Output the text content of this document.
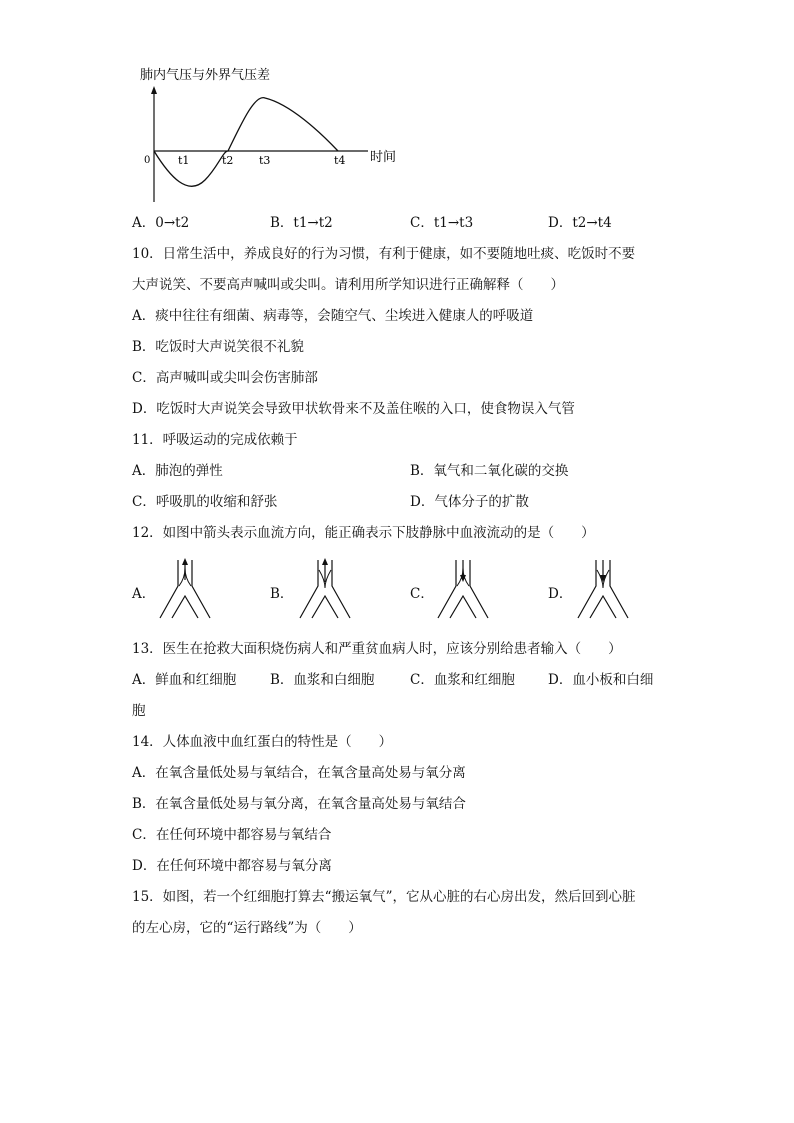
肺内气压与外界气压差
0	时间
t1	t2 t3	t4
A．0→t2	B．t1→t2	C．t1→t3	D．t2→t4
10．日常生活中，养成良好的行为习惯，有利于健康，如不要随地吐痰、吃饭时不要
大声说笑、不要高声喊叫或尖叫。请利用所学知识进行正确解释（　　）
A．痰中往往有细菌、病毒等，会随空气、尘埃进入健康人的呼吸道
B．吃饭时大声说笑很不礼貌
C．高声喊叫或尖叫会伤害肺部
D．吃饭时大声说笑会导致甲状软骨来不及盖住喉的入口，使食物误入气管
11．呼吸运动的完成依赖于
A．肺泡的弹性	B．氧气和二氧化碳的交换
C．呼吸肌的收缩和舒张	D．气体分子的扩散
12．如图中箭头表示血流方向，能正确表示下肢静脉中血液流动的是（　　）
A．	B．	C．	D．
13．医生在抢救大面积烧伤病人和严重贫血病人时，应该分别给患者输入（　　）
A．鲜血和红细胞	B．血浆和白细胞	C．血浆和红细胞 D．血小板和白细
胞
14．人体血液中血红蛋白的特性是（　　）
A．在氧含量低处易与氧结合，在氧含量高处易与氧分离
B．在氧含量低处易与氧分离，在氧含量高处易与氧结合
C．在任何环境中都容易与氧结合
D．在任何环境中都容易与氧分离
15．如图，若一个红细胞打算去“搬运氧气”，它从心脏的右心房出发，然后回到心脏
的左心房，它的“运行路线”为（　　）
